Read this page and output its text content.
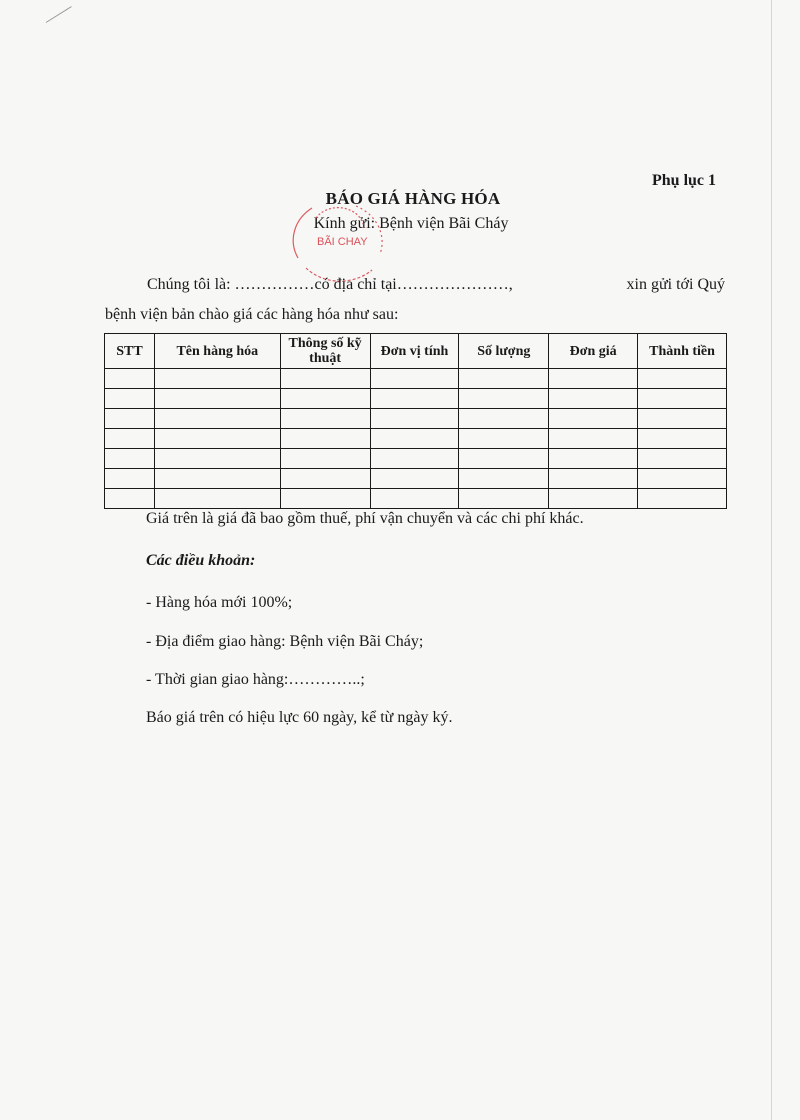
Phụ lục 1
BÁO GIÁ HÀNG HÓA
Kính gửi: Bệnh viện Bãi Cháy
BÃI CHAY
Chúng tôi là: ……………có địa chỉ tại…………………,	xin gửi tới Quý
bệnh viện bản chào giá các hàng hóa như sau:
STT	Tên hàng hóa	Thông số kỹ thuật	Đơn vị tính	Số lượng	Đơn giá	Thành tiền

Giá trên là giá đã bao gồm thuế, phí vận chuyển và các chi phí khác.
Các điều khoản:
- Hàng hóa mới 100%;
- Địa điểm giao hàng: Bệnh viện Bãi Cháy;
- Thời gian giao hàng:…………..;
Báo giá trên có hiệu lực 60 ngày, kể từ ngày ký.
